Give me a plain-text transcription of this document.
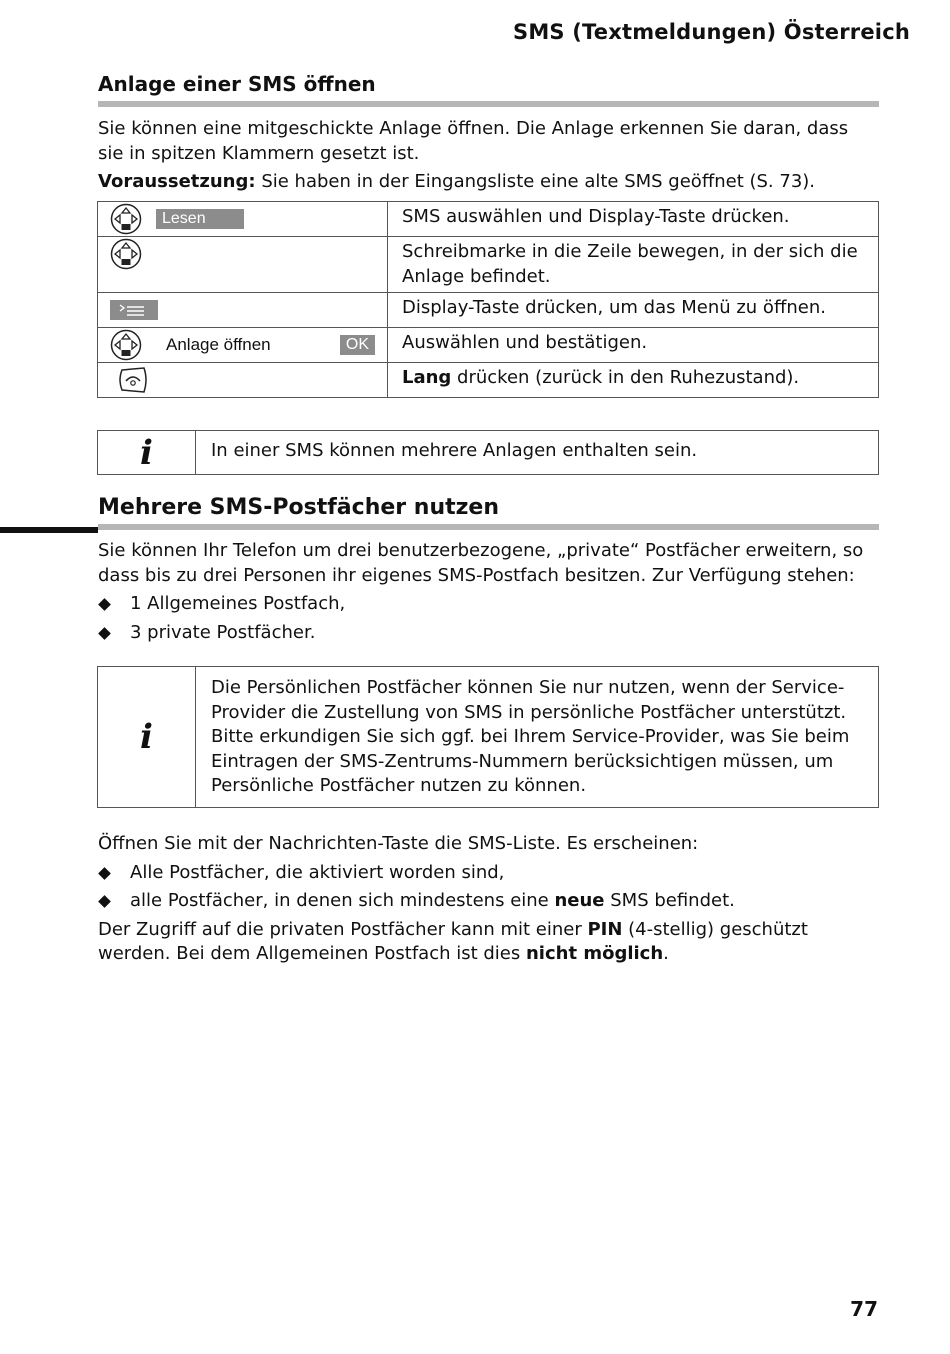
SMS (Textmeldungen) Österreich
Anlage einer SMS öffnen

Sie können eine mitgeschickte Anlage öffnen. Die Anlage erkennen Sie daran, dass sie in spitzen Klammern gesetzt ist.

Voraussetzung: Sie haben in der Eingangsliste eine alte SMS geöffnet (S. 73).

Lesen	SMS auswählen und Display-Taste drücken.

	Schreibmarke in die Zeile bewegen, in der sich die Anlage befindet.

	Display-Taste drücken, um das Menü zu öffnen.

Anlage öffnen OK	Auswählen und bestätigen.

	Lang drücken (zurück in den Ruhezustand).
i	In einer SMS können mehrere Anlagen enthalten sein.
Mehrere SMS-Postfächer nutzen

Sie können Ihr Telefon um drei benutzerbezogene, „private“ Postfächer erweitern, so dass bis zu drei Personen ihr eigenes SMS-Postfach besitzen. Zur Verfügung stehen:

1 Allgemeines Postfach,
3 private Postfächer.
i
Die Persönlichen Postfächer können Sie nur nutzen, wenn der Service-Provider die Zustellung von SMS in persönliche Postfächer unterstützt. Bitte erkundigen Sie sich ggf. bei Ihrem Service-Provider, was Sie beim Eintragen der SMS-Zentrums-Nummern berücksichtigen müssen, um Persönliche Postfächer nutzen zu können.

Öffnen Sie mit der Nachrichten-Taste die SMS-Liste. Es erscheinen:

Alle Postfächer, die aktiviert worden sind,
alle Postfächer, in denen sich mindestens eine neue SMS befindet.

Der Zugriff auf die privaten Postfächer kann mit einer PIN (4-stellig) geschützt werden. Bei dem Allgemeinen Postfach ist dies nicht möglich.

77
